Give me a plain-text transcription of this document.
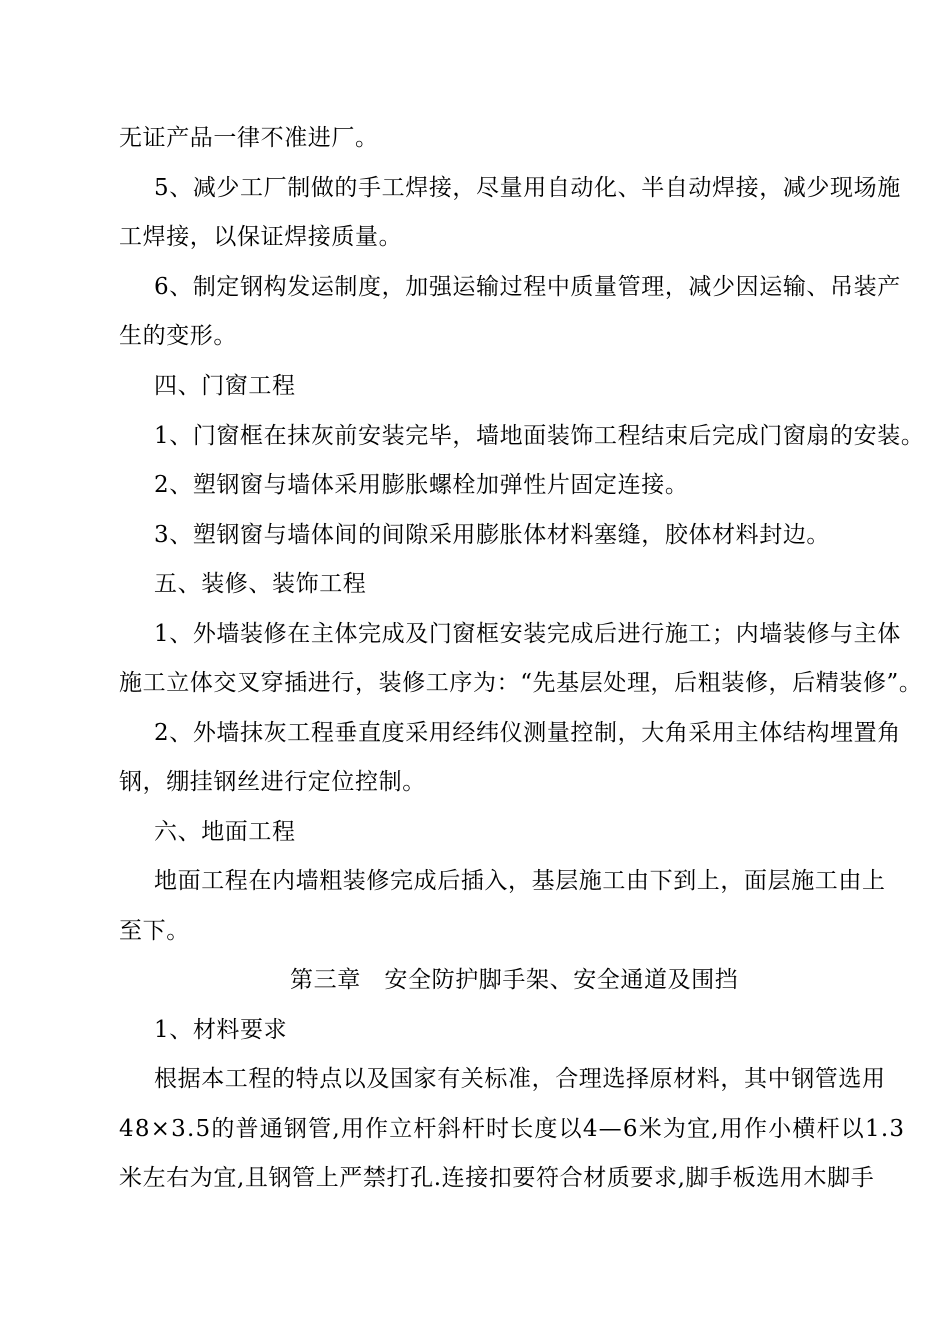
无证产品一律不准进厂。
5、减少工厂制做的手工焊接，尽量用自动化、半自动焊接，减少现场施
工焊接，以保证焊接质量。
6、制定钢构发运制度，加强运输过程中质量管理，减少因运输、吊装产
生的变形。
四、门窗工程
1、门窗框在抹灰前安装完毕，墙地面装饰工程结束后完成门窗扇的安装。
2、塑钢窗与墙体采用膨胀螺栓加弹性片固定连接。
3、塑钢窗与墙体间的间隙采用膨胀体材料塞缝，胶体材料封边。
五、装修、装饰工程
1、外墙装修在主体完成及门窗框安装完成后进行施工；内墙装修与主体
施工立体交叉穿插进行，装修工序为：“先基层处理，后粗装修，后精装修”。
2、外墙抹灰工程垂直度采用经纬仪测量控制，大角采用主体结构埋置角
钢，绷挂钢丝进行定位控制。
六、地面工程
地面工程在内墙粗装修完成后插入，基层施工由下到上，面层施工由上
至下。
第三章　安全防护脚手架、安全通道及围挡
1、材料要求
根据本工程的特点以及国家有关标准，合理选择原材料，其中钢管选用
48×3.5的普通钢管,用作立杆斜杆时长度以4—6米为宜,用作小横杆以1.3
米左右为宜,且钢管上严禁打孔.连接扣要符合材质要求,脚手板选用木脚手
